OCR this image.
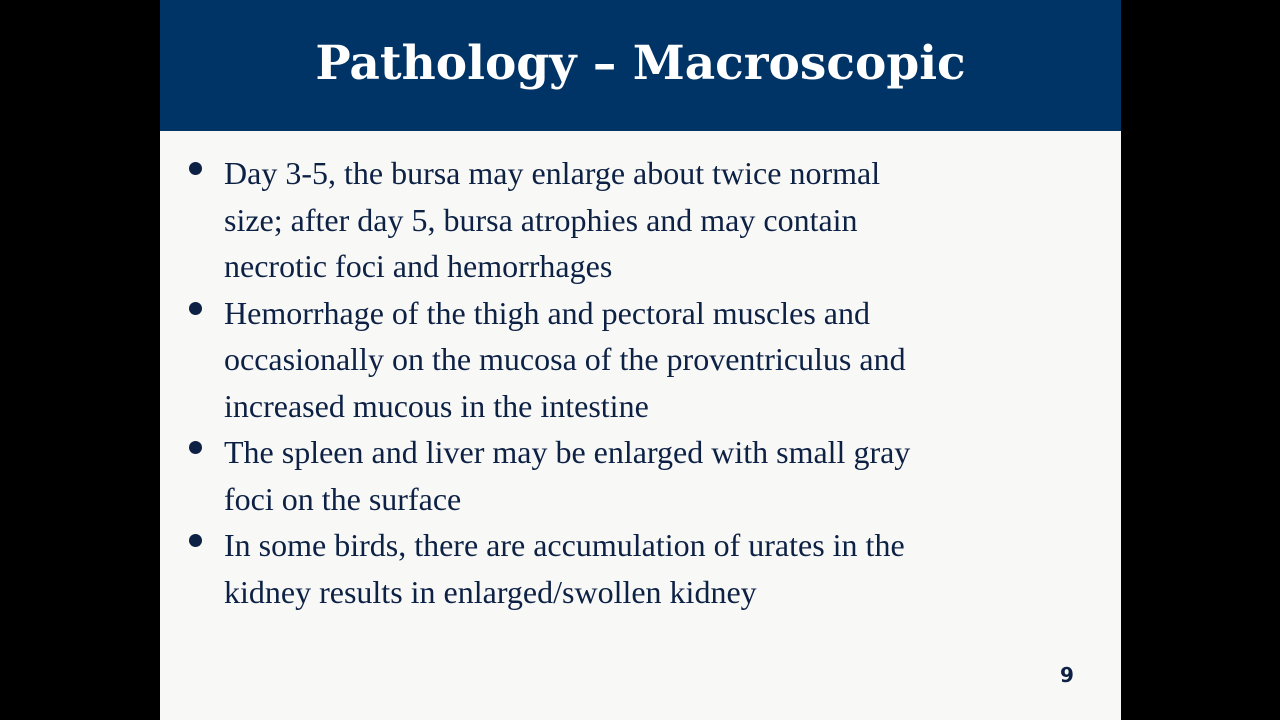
Pathology – Macroscopic
Day 3-5, the bursa may enlarge about twice normal
size; after day 5, bursa atrophies and may contain
necrotic foci and hemorrhages
Hemorrhage of the thigh and pectoral muscles and
occasionally on the mucosa of the proventriculus and
increased mucous in the intestine
The spleen and liver may be enlarged with small gray
foci on the surface
In some birds, there are accumulation of urates in the
kidney results in enlarged/swollen kidney
9
